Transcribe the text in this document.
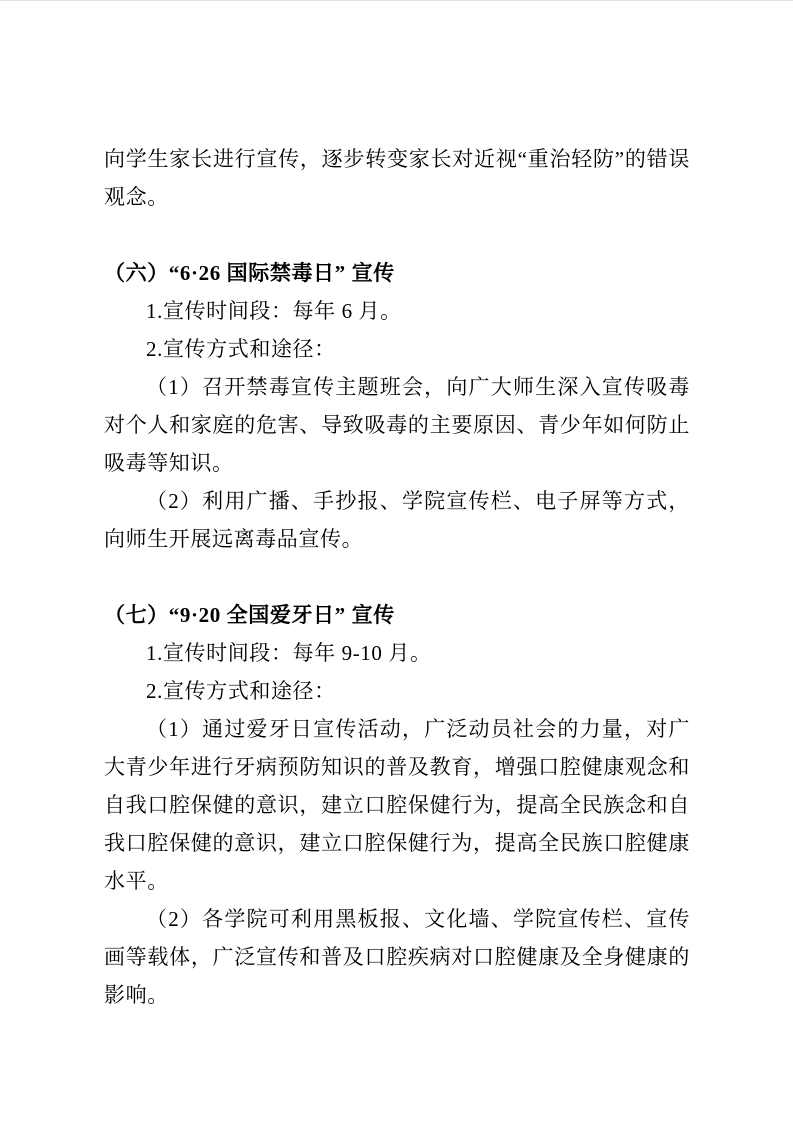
向学生家长进行宣传，逐步转变家长对近视“重治轻防”的错误观念。

（六）“6·26 国际禁毒日” 宣传

1.宣传时间段：每年 6 月。

2.宣传方式和途径：

（1）召开禁毒宣传主题班会，向广大师生深入宣传吸毒对个人和家庭的危害、导致吸毒的主要原因、青少年如何防止吸毒等知识。

（2）利用广播、手抄报、学院宣传栏、电子屏等方式，向师生开展远离毒品宣传。

（七）“9·20 全国爱牙日” 宣传

1.宣传时间段：每年 9-10 月。

2.宣传方式和途径：

（1）通过爱牙日宣传活动，广泛动员社会的力量，对广大青少年进行牙病预防知识的普及教育，增强口腔健康观念和自我口腔保健的意识，建立口腔保健行为，提高全民族念和自我口腔保健的意识，建立口腔保健行为，提高全民族口腔健康水平。

（2）各学院可利用黑板报、文化墙、学院宣传栏、宣传画等载体，广泛宣传和普及口腔疾病对口腔健康及全身健康的影响。
